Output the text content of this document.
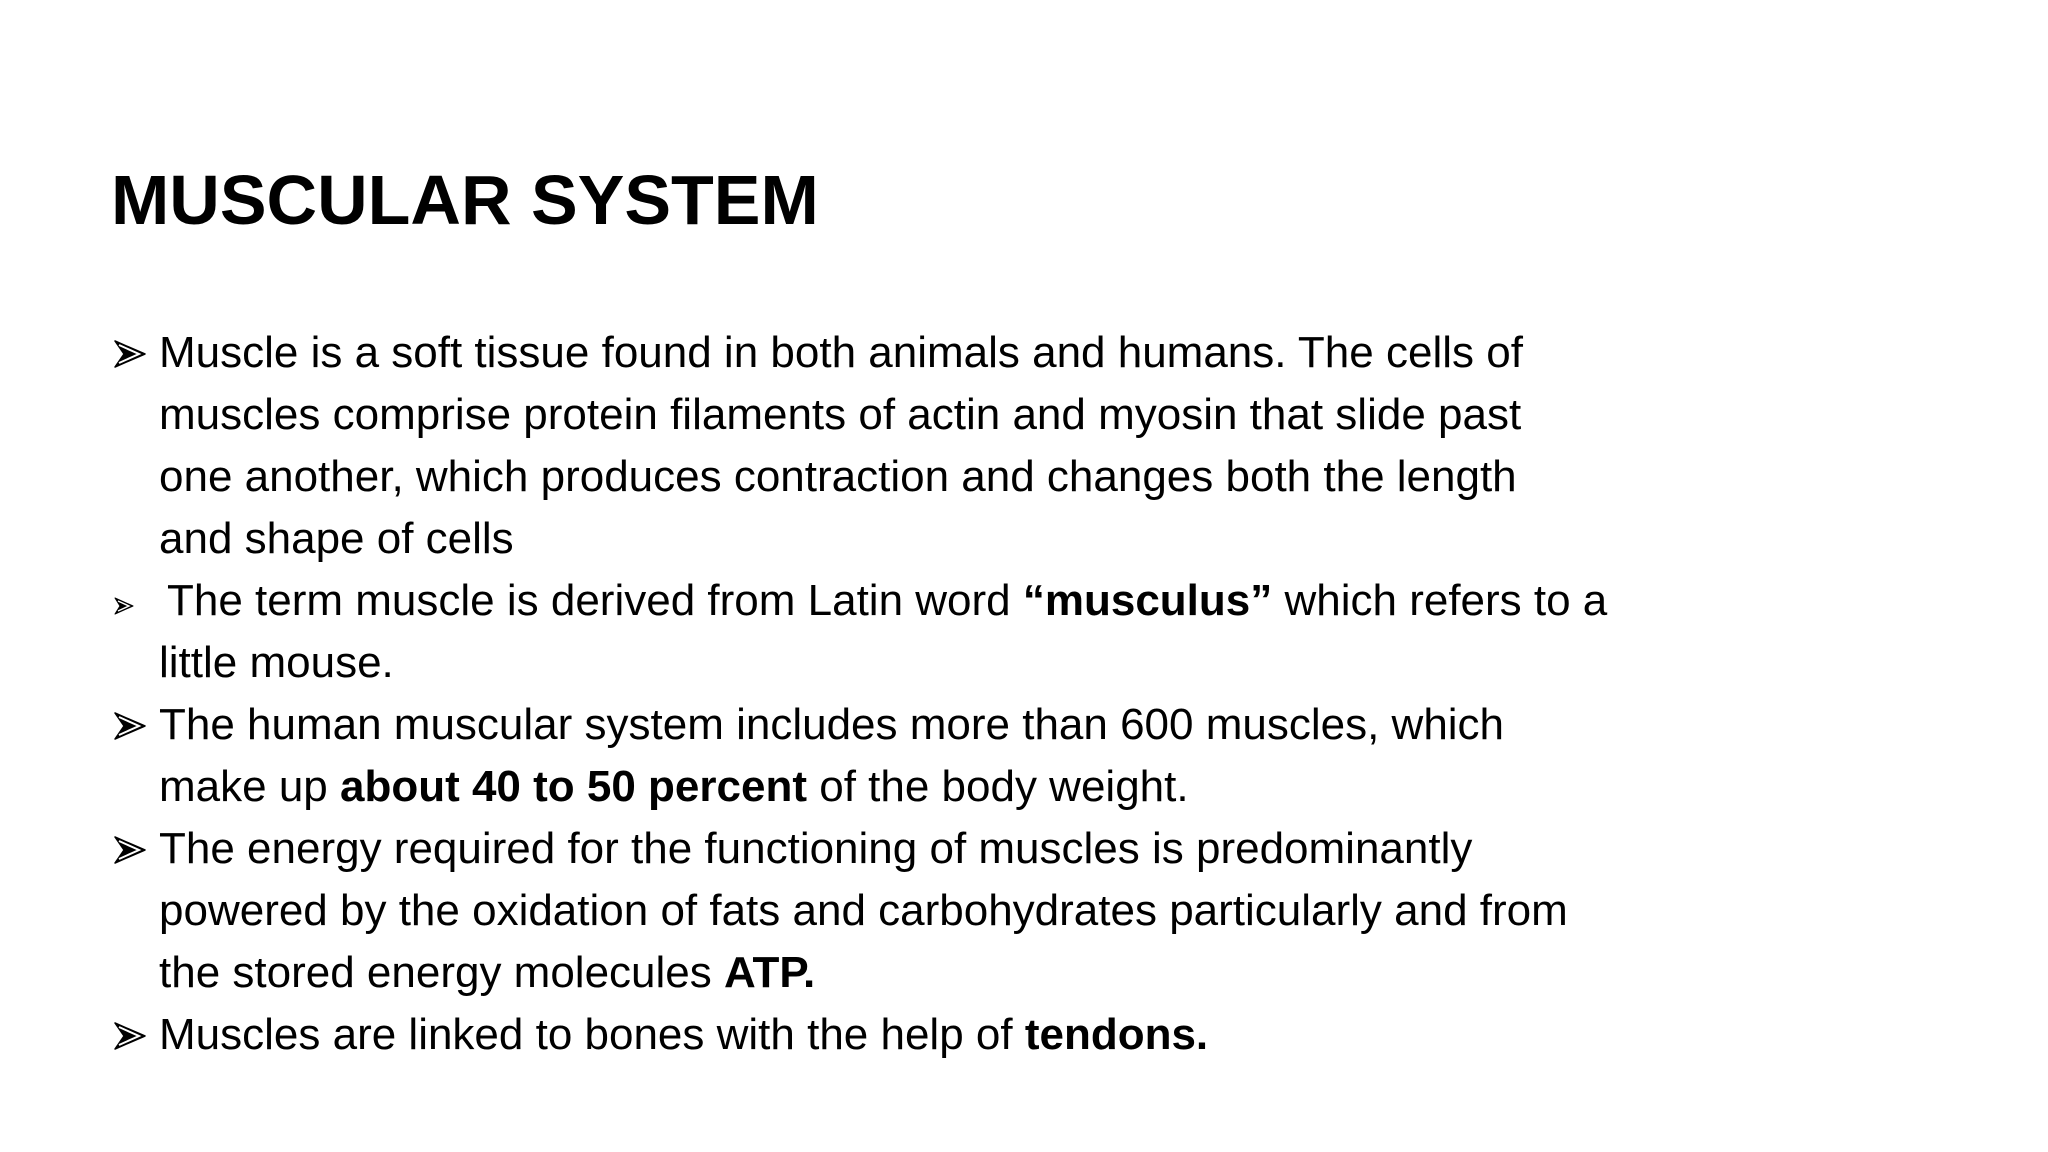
MUSCULAR SYSTEM
Muscle is a soft tissue found in both animals and humans. The cells of
muscles comprise protein filaments of actin and myosin that slide past
one another, which produces contraction and changes both the length
and shape of cells
The term muscle is derived from Latin word “musculus” which refers to a
little mouse.
The human muscular system includes more than 600 muscles, which
make up about 40 to 50 percent of the body weight.
The energy required for the functioning of muscles is predominantly
powered by the oxidation of fats and carbohydrates particularly and from
the stored energy molecules ATP.
Muscles are linked to bones with the help of tendons.
